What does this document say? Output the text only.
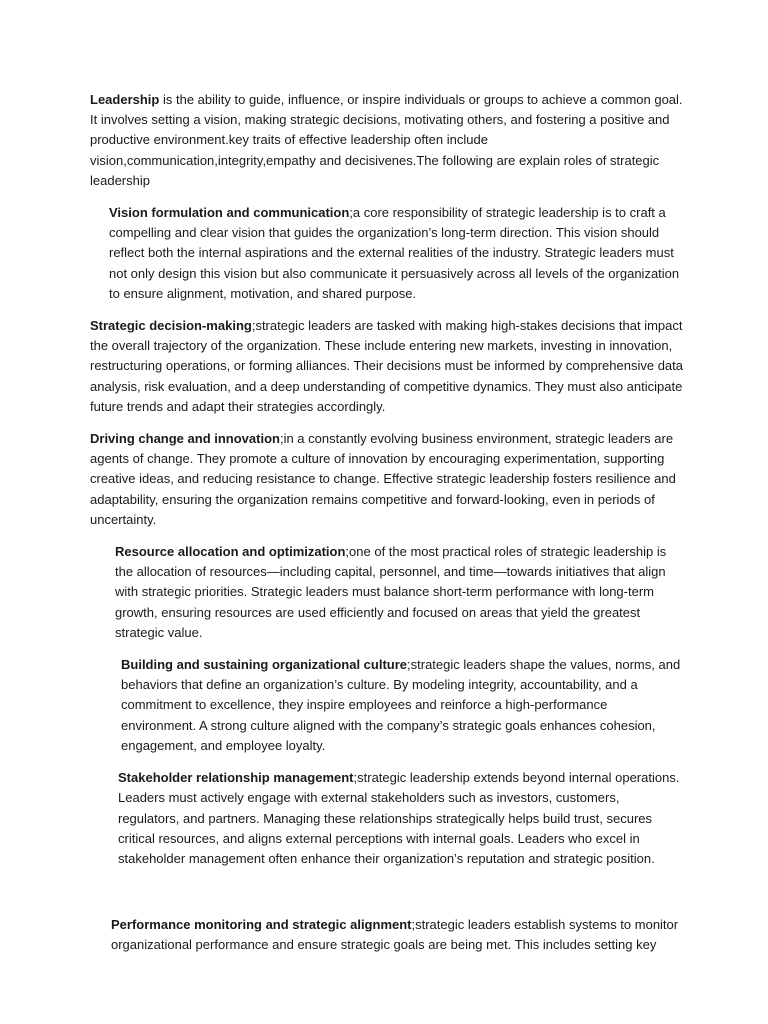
Leadership is the ability to guide, influence, or inspire individuals or groups to achieve a common goal. It involves setting a vision, making strategic decisions, motivating others, and fostering a positive and productive environment.key traits of effective leadership often include vision,communication,integrity,empathy and decisivenes.The following are explain roles of strategic leadership

Vision formulation and communication;a core responsibility of strategic leadership is to craft a compelling and clear vision that guides the organization’s long-term direction. This vision should reflect both the internal aspirations and the external realities of the industry. Strategic leaders must not only design this vision but also communicate it persuasively across all levels of the organization to ensure alignment, motivation, and shared purpose.

Strategic decision-making;strategic leaders are tasked with making high-stakes decisions that impact the overall trajectory of the organization. These include entering new markets, investing in innovation, restructuring operations, or forming alliances. Their decisions must be informed by comprehensive data analysis, risk evaluation, and a deep understanding of competitive dynamics. They must also anticipate future trends and adapt their strategies accordingly.

Driving change and innovation;in a constantly evolving business environment, strategic leaders are agents of change. They promote a culture of innovation by encouraging experimentation, supporting creative ideas, and reducing resistance to change. Effective strategic leadership fosters resilience and adaptability, ensuring the organization remains competitive and forward-looking, even in periods of uncertainty.

Resource allocation and optimization;one of the most practical roles of strategic leadership is the allocation of resources—including capital, personnel, and time—towards initiatives that align with strategic priorities. Strategic leaders must balance short-term performance with long-term growth, ensuring resources are used efficiently and focused on areas that yield the greatest strategic value.

Building and sustaining organizational culture;strategic leaders shape the values, norms, and behaviors that define an organization’s culture. By modeling integrity, accountability, and a commitment to excellence, they inspire employees and reinforce a high-performance environment. A strong culture aligned with the company’s strategic goals enhances cohesion, engagement, and employee loyalty.

Stakeholder relationship management;strategic leadership extends beyond internal operations. Leaders must actively engage with external stakeholders such as investors, customers, regulators, and partners. Managing these relationships strategically helps build trust, secures critical resources, and aligns external perceptions with internal goals. Leaders who excel in stakeholder management often enhance their organization’s reputation and strategic position.

Performance monitoring and strategic alignment;strategic leaders establish systems to monitor organizational performance and ensure strategic goals are being met. This includes setting key
